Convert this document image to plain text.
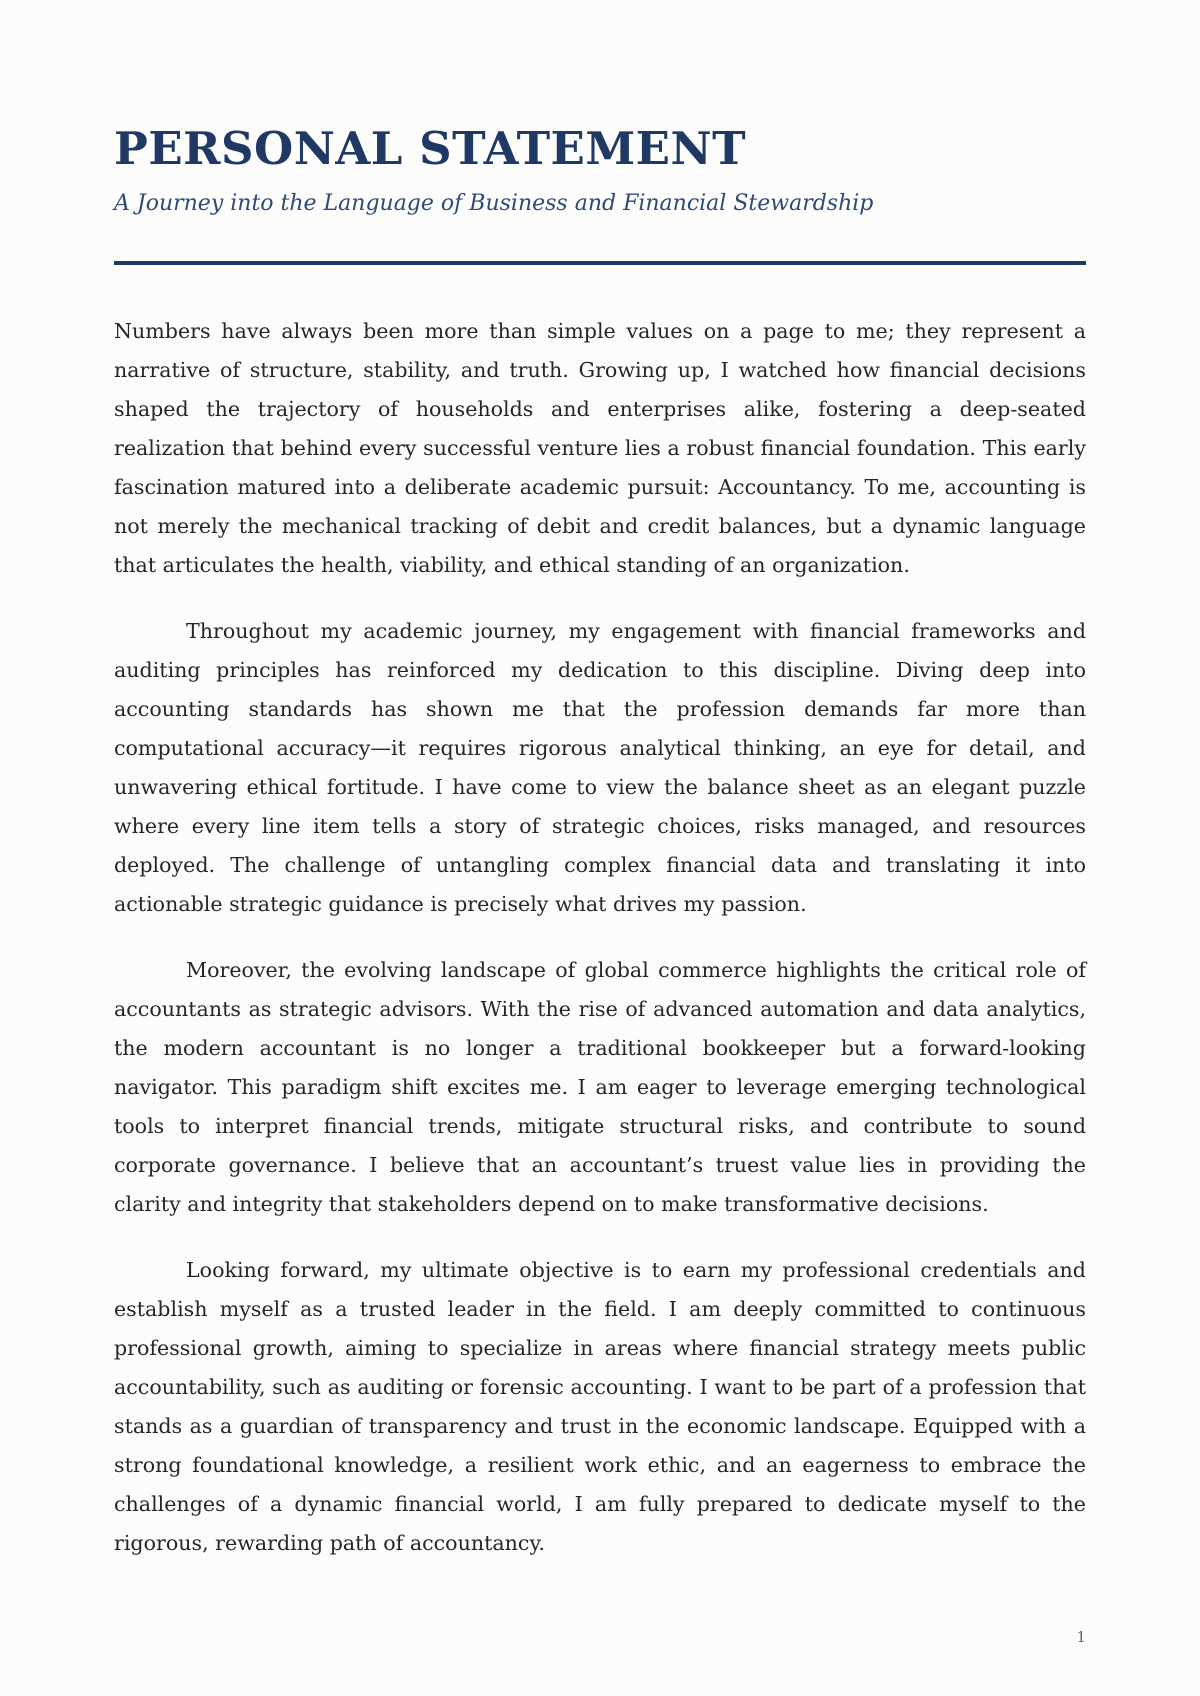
PERSONAL STATEMENT
A Journey into the Language of Business and Financial Stewardship

Numbers have always been more than simple values on a page to me; they represent a narrative of structure, stability, and truth. Growing up, I watched how financial decisions shaped the trajectory of households and enterprises alike, fostering a deep-seated realization that behind every successful venture lies a robust financial foundation. This early fascination matured into a deliberate academic pursuit: Accountancy. To me, accounting is not merely the mechanical tracking of debit and credit balances, but a dynamic language that articulates the health, viability, and ethical standing of an organization.

Throughout my academic journey, my engagement with financial frameworks and auditing principles has reinforced my dedication to this discipline. Diving deep into accounting standards has shown me that the profession demands far more than computational accuracy—it requires rigorous analytical thinking, an eye for detail, and unwavering ethical fortitude. I have come to view the balance sheet as an elegant puzzle where every line item tells a story of strategic choices, risks managed, and resources deployed. The challenge of untangling complex financial data and translating it into actionable strategic guidance is precisely what drives my passion.

Moreover, the evolving landscape of global commerce highlights the critical role of accountants as strategic advisors. With the rise of advanced automation and data analytics, the modern accountant is no longer a traditional bookkeeper but a forward-looking navigator. This paradigm shift excites me. I am eager to leverage emerging technological tools to interpret financial trends, mitigate structural risks, and contribute to sound corporate governance. I believe that an accountant’s truest value lies in providing the clarity and integrity that stakeholders depend on to make transformative decisions.

Looking forward, my ultimate objective is to earn my professional credentials and establish myself as a trusted leader in the field. I am deeply committed to continuous professional growth, aiming to specialize in areas where financial strategy meets public accountability, such as auditing or forensic accounting. I want to be part of a profession that stands as a guardian of transparency and trust in the economic landscape. Equipped with a strong foundational knowledge, a resilient work ethic, and an eagerness to embrace the challenges of a dynamic financial world, I am fully prepared to dedicate myself to the rigorous, rewarding path of accountancy.

1
